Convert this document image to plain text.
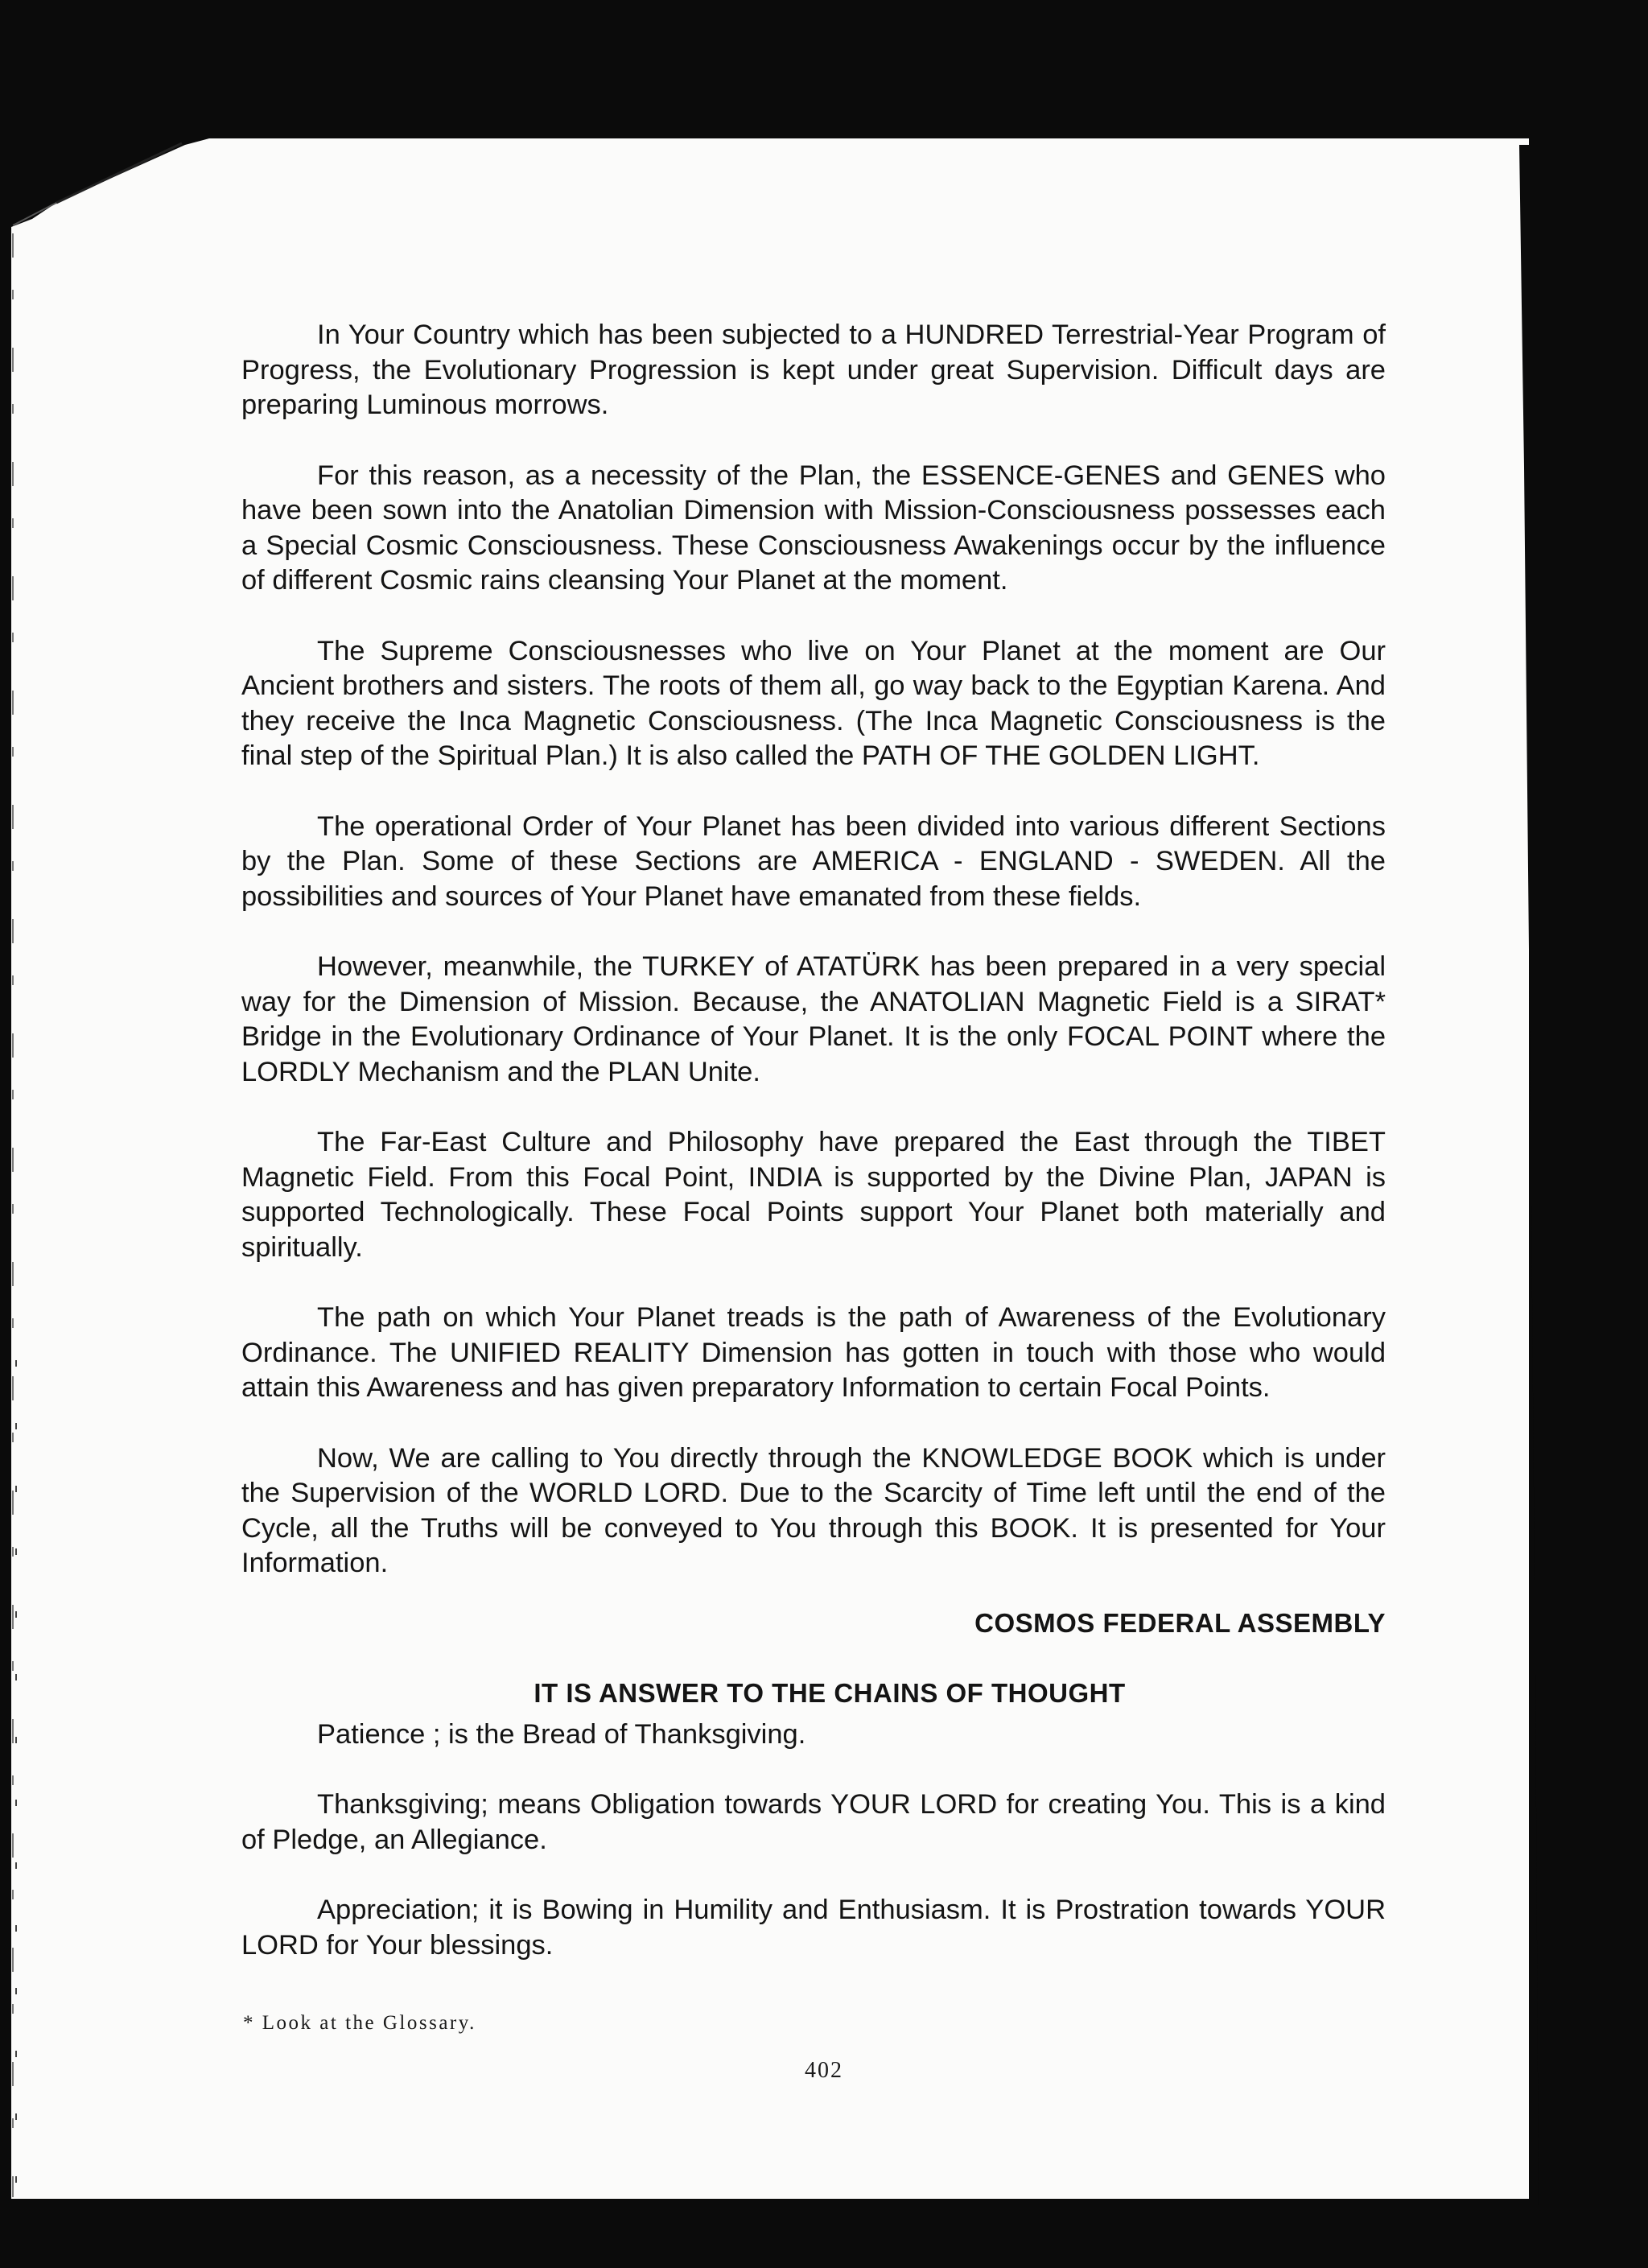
In Your Country which has been subjected to a HUNDRED Terrestrial-Year Program of Progress, the Evolutionary Progression is kept under great Supervision. Difficult days are preparing Luminous morrows.

For this reason, as a necessity of the Plan, the ESSENCE-GENES and GENES who have been sown into the Anatolian Dimension with Mission-Consciousness possesses each a Special Cosmic Consciousness. These Consciousness Awakenings occur by the influence of different Cosmic rains cleansing Your Planet at the moment.

The Supreme Consciousnesses who live on Your Planet at the moment are Our Ancient brothers and sisters. The roots of them all, go way back to the Egyptian Karena. And they receive the Inca Magnetic Consciousness. (The Inca Magnetic Consciousness is the final step of the Spiritual Plan.) It is also called the PATH OF THE GOLDEN LIGHT.

The operational Order of Your Planet has been divided into various different Sections by the Plan. Some of these Sections are AMERICA - ENGLAND - SWEDEN. All the possibilities and sources of Your Planet have emanated from these fields.

However, meanwhile, the TURKEY of ATATÜRK has been prepared in a very special way for the Dimension of Mission. Because, the ANATOLIAN Magnetic Field is a SIRAT* Bridge in the Evolutionary Ordinance of Your Planet. It is the only FOCAL POINT where the LORDLY Mechanism and the PLAN Unite.

The Far-East Culture and Philosophy have prepared the East through the TIBET Magnetic Field. From this Focal Point, INDIA is supported by the Divine Plan, JAPAN is supported Technologically. These Focal Points support Your Planet both materially and spiritually.

The path on which Your Planet treads is the path of Awareness of the Evolutionary Ordinance. The UNIFIED REALITY Dimension has gotten in touch with those who would attain this Awareness and has given preparatory Information to certain Focal Points.

Now, We are calling to You directly through the KNOWLEDGE BOOK which is under the Supervision of the WORLD LORD. Due to the Scarcity of Time left until the end of the Cycle, all the Truths will be conveyed to You through this BOOK. It is presented for Your Information.

COSMOS FEDERAL ASSEMBLY

IT IS ANSWER TO THE CHAINS OF THOUGHT

Patience ; is the Bread of Thanksgiving.

Thanksgiving; means Obligation towards YOUR LORD for creating You. This is a kind of Pledge, an Allegiance.

Appreciation; it is Bowing in Humility and Enthusiasm. It is Prostration towards YOUR LORD for Your blessings.

* Look at the Glossary.
402
